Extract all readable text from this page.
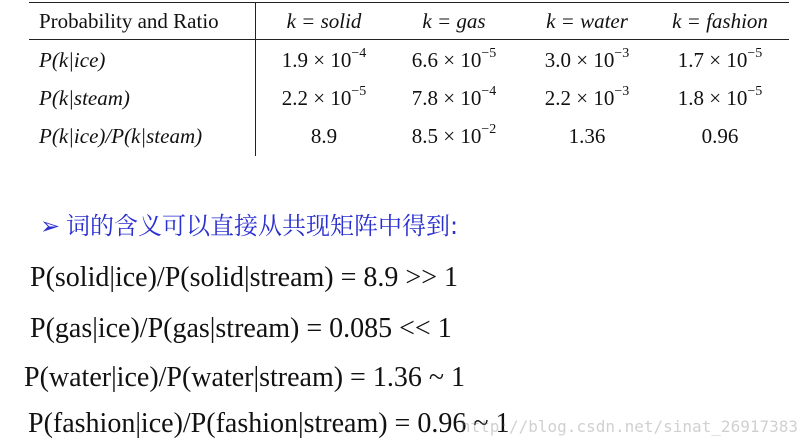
Probability and Ratio	k = solid	k = gas	k = water	k = fashion
P(k|ice)	$1.9 \times 10^{-4}$	$6.6 \times 10^{-5}$	$3.0 \times 10^{-3}$	$1.7 \times 10^{-5}$
P(k|steam)	$2.2 \times 10^{-5}$	$7.8 \times 10^{-4}$	$2.2 \times 10^{-3}$	$1.8 \times 10^{-5}$
P(k|ice)/P(k|steam)	8.9	$8.5 \times 10^{-2}$	1.36	0.96
➢ 词的含义可以直接从共现矩阵中得到:
P(solid|ice)/P(solid|stream) = 8.9 >> 1
P(gas|ice)/P(gas|stream) = 0.085 << 1
P(water|ice)/P(water|stream) = 1.36 ~ 1
P(fashion|ice)/P(fashion|stream) = 0.96 ~ 1
http://blog.csdn.net/sinat_26917383
